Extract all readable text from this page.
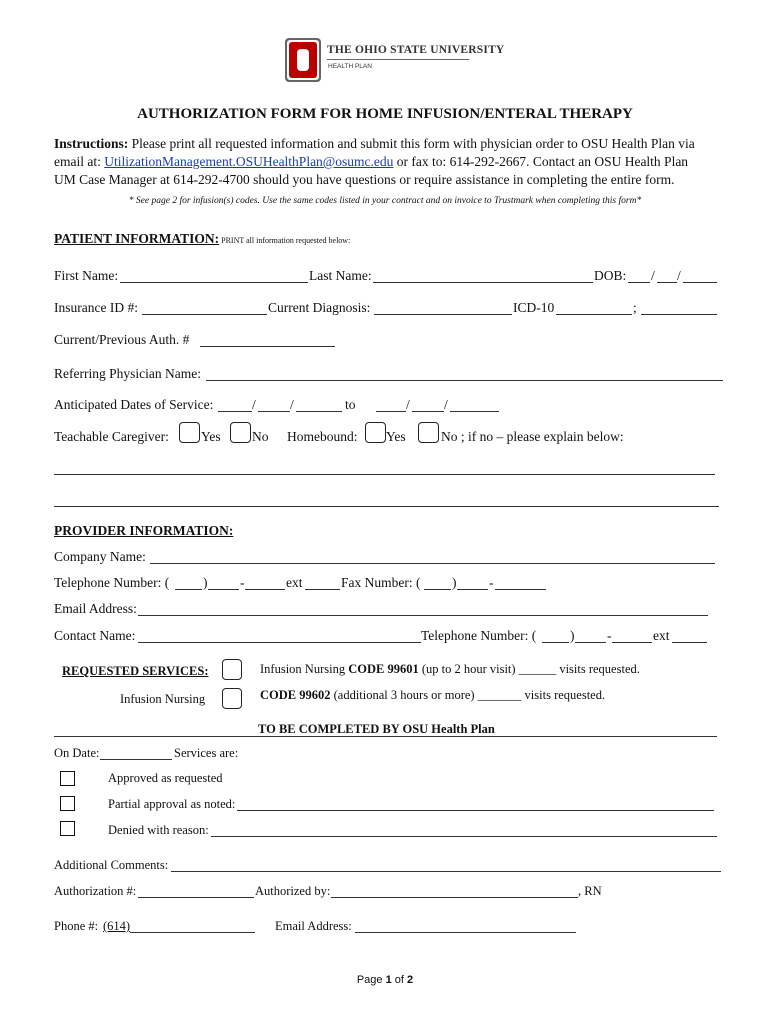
THE OHIO STATE UNIVERSITY
HEALTH PLAN
AUTHORIZATION FORM FOR HOME INFUSION/ENTERAL THERAPY
Instructions: Please print all requested information and submit this form with physician order to OSU Health Plan via
email at: UtilizationManagement.OSUHealthPlan@osumc.edu or fax to: 614-292-2667. Contact an OSU Health Plan
UM Case Manager at 614-292-4700 should you have questions or require assistance in completing the entire form.
* See page 2 for infusion(s) codes. Use the same codes listed in your contract and on invoice to Trustmark when completing this form*
PATIENT INFORMATION: PRINT all information requested below:
First Name:	Last Name:	DOB: / /
Insurance ID #:	Current Diagnosis:	ICD-10	;
Current/Previous Auth. #
Referring Physician Name:
Anticipated Dates of Service:	/	/	to	/	/
Teachable Caregiver: Yes No Homebound: Yes	No ; if no – please explain below:
PROVIDER INFORMATION:
Company Name:
Telephone Number: ( ) -	ext	Fax Number: ( ) -
Email Address:
Contact Name:	Telephone Number: ( ) -	ext
REQUESTED SERVICES:
Infusion Nursing
Infusion Nursing CODE 99601 (up to 2 hour visit) ______ visits requested.
CODE 99602 (additional 3 hours or more) _______ visits requested.
TO BE COMPLETED BY OSU Health Plan
On Date:	Services are:
Approved as requested
Partial approval as noted:
Denied with reason:
Additional Comments:
Authorization #:	Authorized by:	, RN
Phone #: (614)	Email Address:
Page 1 of 2
